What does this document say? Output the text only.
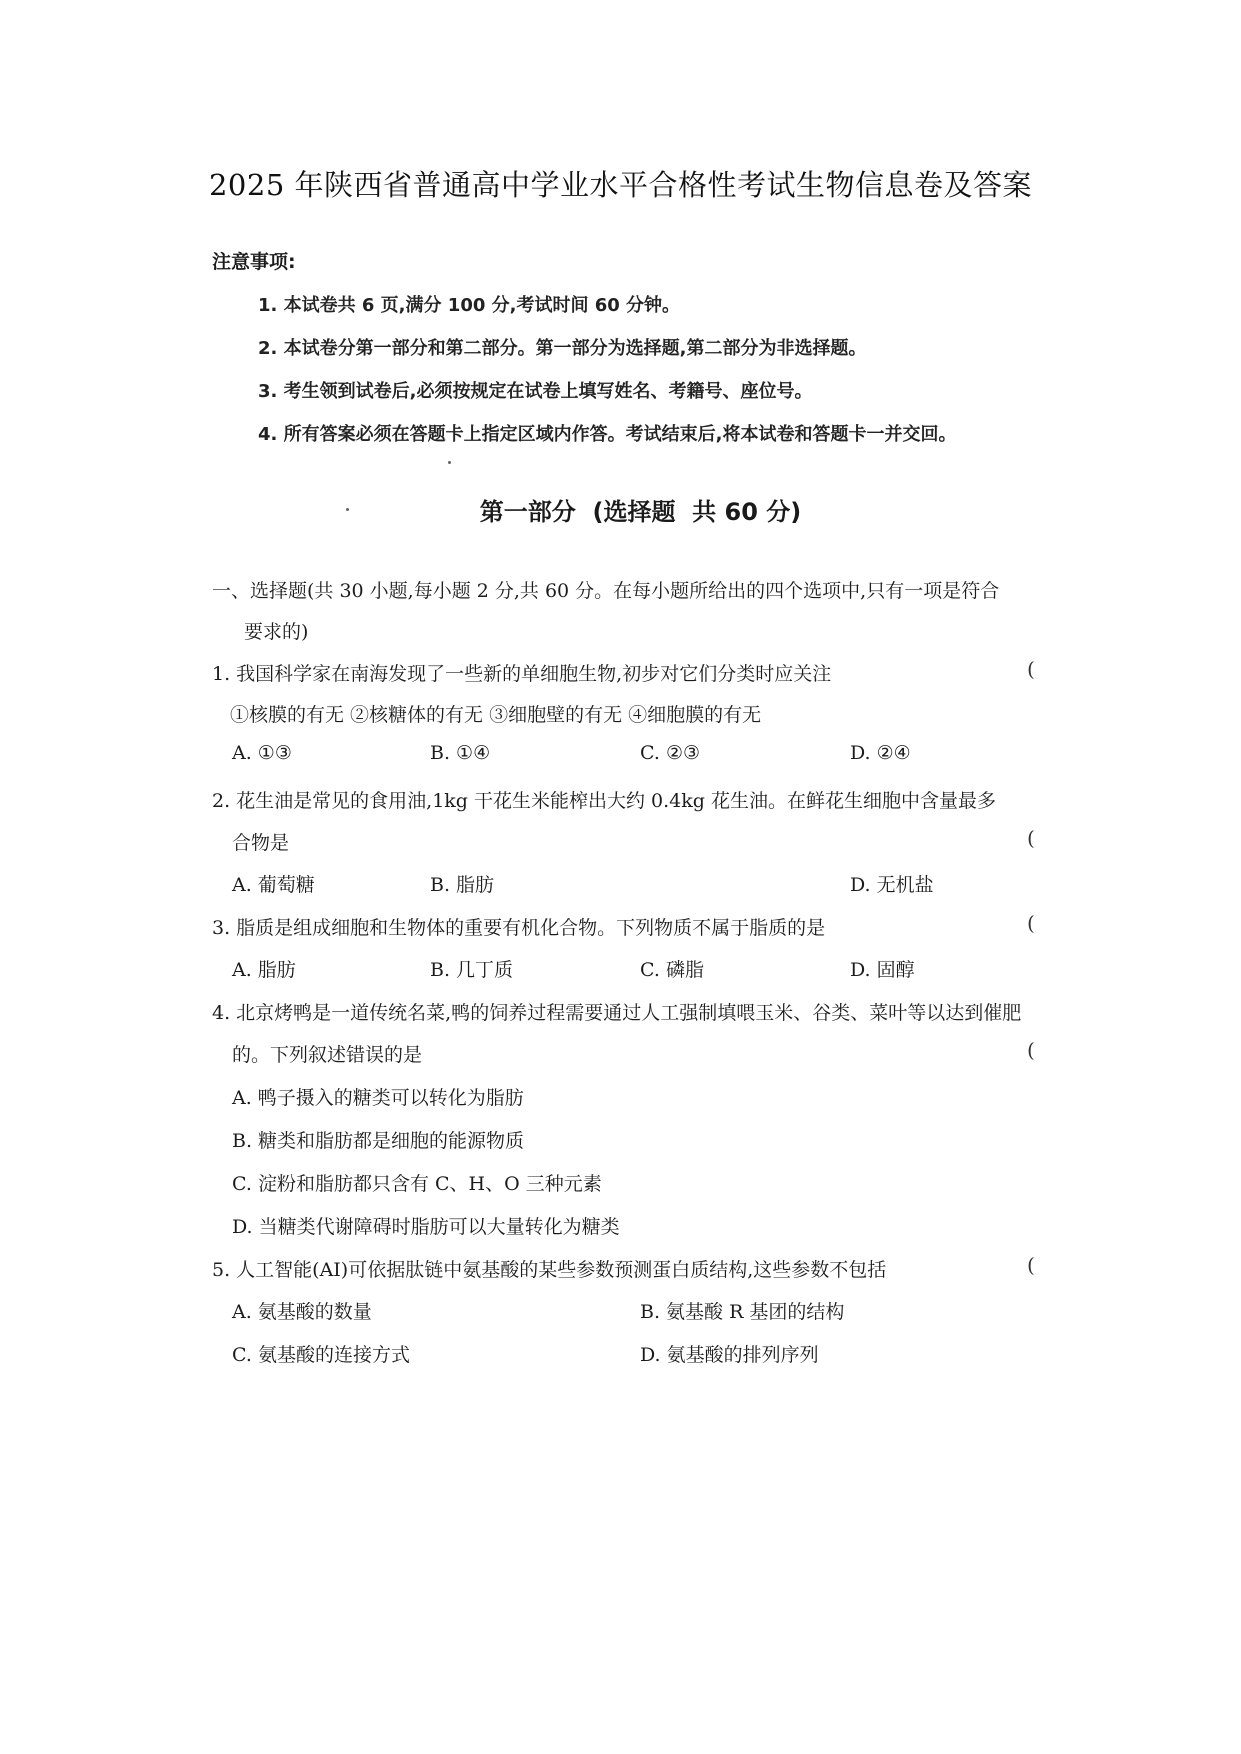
2025 年陕西省普通高中学业水平合格性考试生物信息卷及答案
注意事项:
1. 本试卷共 6 页,满分 100 分,考试时间 60 分钟。
2. 本试卷分第一部分和第二部分。第一部分为选择题,第二部分为非选择题。
3. 考生领到试卷后,必须按规定在试卷上填写姓名、考籍号、座位号。
4. 所有答案必须在答题卡上指定区域内作答。考试结束后,将本试卷和答题卡一并交回。
第一部分  (选择题  共 60 分)
一、选择题(共 30 小题,每小题 2 分,共 60 分。在每小题所给出的四个选项中,只有一项是符合
要求的)
1. 我国科学家在南海发现了一些新的单细胞生物,初步对它们分类时应关注
①核膜的有无 ②核糖体的有无 ③细胞壁的有无 ④细胞膜的有无
A. ①③	B. ①④	C. ②③	D. ②④
2. 花生油是常见的食用油,1kg 干花生米能榨出大约 0.4kg 花生油。在鲜花生细胞中含量最多
合物是
A. 葡萄糖	B. 脂肪	D. 无机盐
3. 脂质是组成细胞和生物体的重要有机化合物。下列物质不属于脂质的是
A. 脂肪	B. 几丁质	C. 磷脂	D. 固醇
4. 北京烤鸭是一道传统名菜,鸭的饲养过程需要通过人工强制填喂玉米、谷类、菜叶等以达到催肥
的。下列叙述错误的是
A. 鸭子摄入的糖类可以转化为脂肪
B. 糖类和脂肪都是细胞的能源物质
C. 淀粉和脂肪都只含有 C、H、O 三种元素
D. 当糖类代谢障碍时脂肪可以大量转化为糖类
5. 人工智能(AI)可依据肽链中氨基酸的某些参数预测蛋白质结构,这些参数不包括
A. 氨基酸的数量	B. 氨基酸 R 基团的结构
C. 氨基酸的连接方式	D. 氨基酸的排列序列
(
(
(
(
(
